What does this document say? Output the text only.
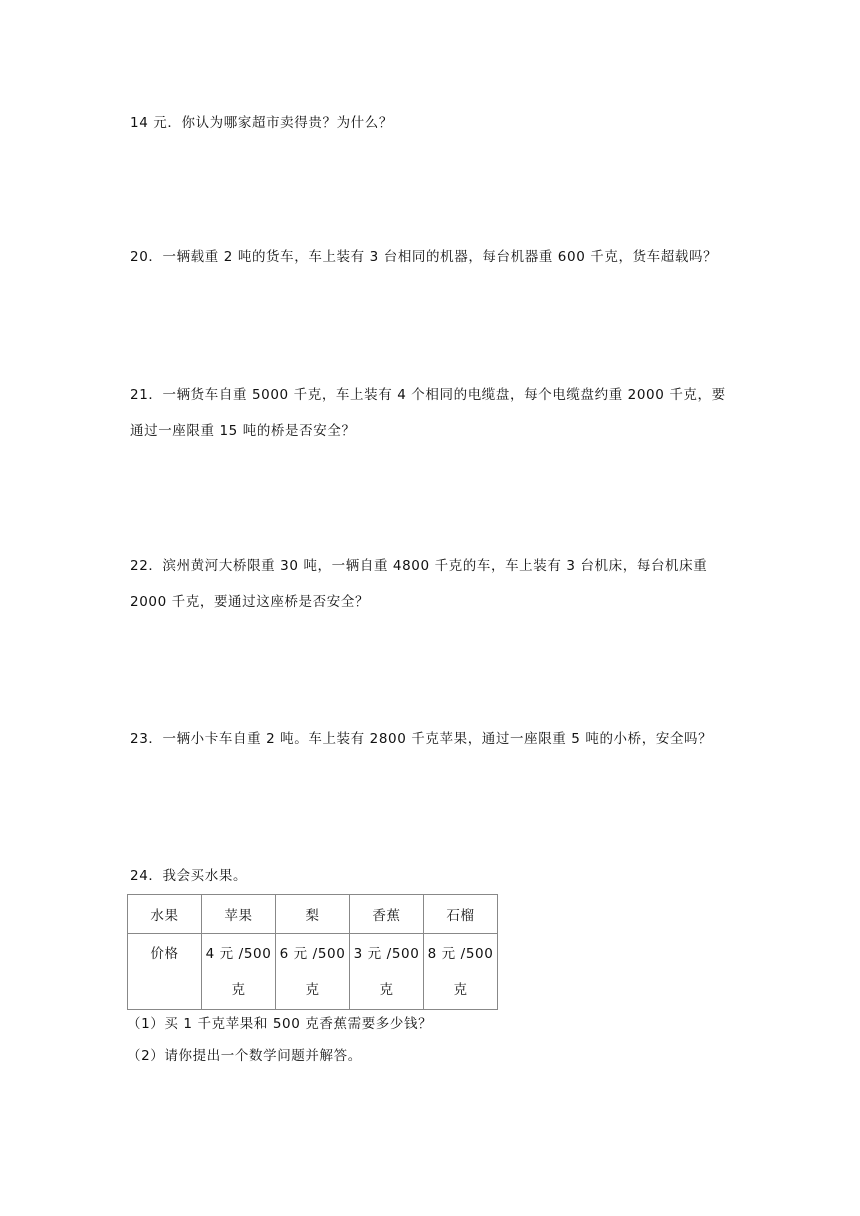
14 元．你认为哪家超市卖得贵？为什么？
20．一辆载重 2 吨的货车，车上装有 3 台相同的机器，每台机器重 600 千克，货车超载吗？
21．一辆货车自重 5000 千克，车上装有 4 个相同的电缆盘，每个电缆盘约重 2000 千克，要
通过一座限重 15 吨的桥是否安全？
22．滨州黄河大桥限重 30 吨，一辆自重 4800 千克的车，车上装有 3 台机床，每台机床重
2000 千克，要通过这座桥是否安全？
23．一辆小卡车自重 2 吨。车上装有 2800 千克苹果，通过一座限重 5 吨的小桥，安全吗？
24．我会买水果。
水果	苹果	梨	香蕉	石榴
价格	4 元 /500 克	6 元 /500 克	3 元 /500 克	8 元 /500 克
（1）买 1 千克苹果和 500 克香蕉需要多少钱？
（2）请你提出一个数学问题并解答。
